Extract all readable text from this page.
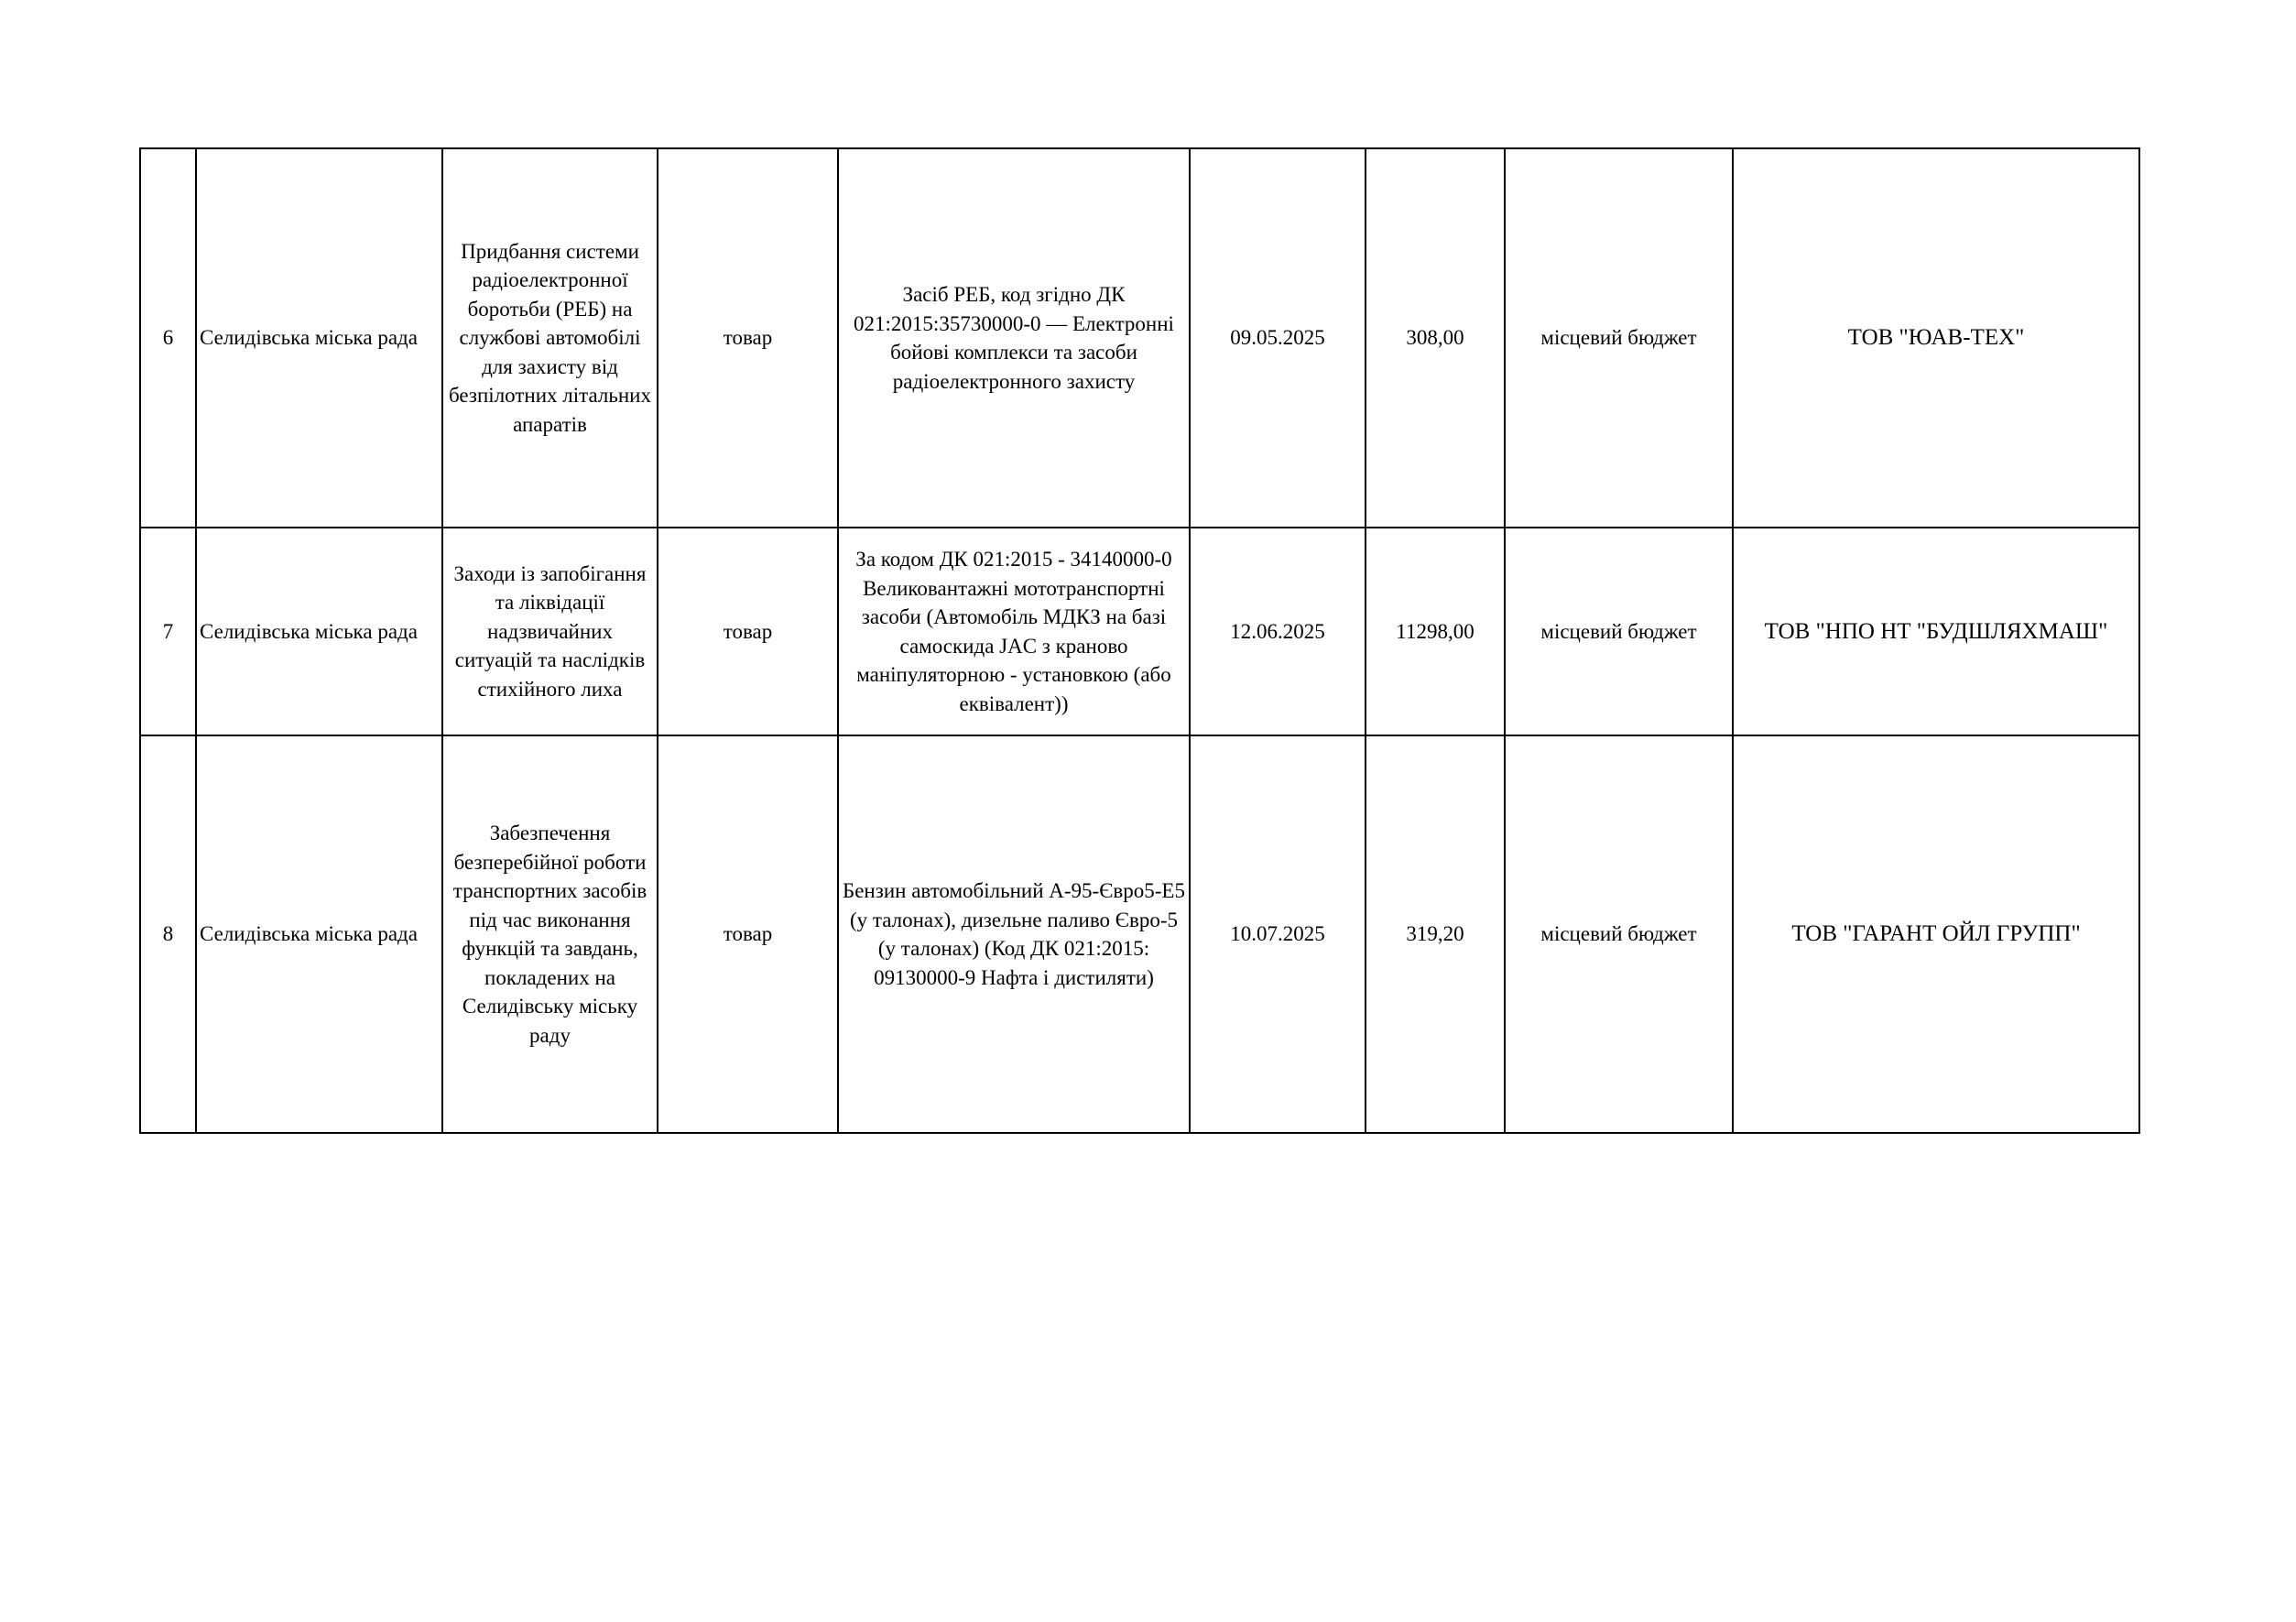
6	Селидівська міська рада	Придбання системи радіоелектронної боротьби (РЕБ) на службові автомобілі для захисту від безпілотних літальних апаратів	товар	Засіб РЕБ, код згідно ДК 021:2015:35730000-0 — Електронні бойові комплекси та засоби радіоелектронного захисту	09.05.2025	308,00	місцевий бюджет	ТОВ "ЮАВ-ТЕХ"
7	Селидівська міська рада	Заходи із запобігання та ліквідації надзвичайних ситуацій та наслідків стихійного лиха	товар	За кодом ДК 021:2015 - 34140000-0 Великовантажні мототранспортні засоби (Автомобіль МДКЗ на базі самоскида JAC з краново маніпуляторною - установкою (або еквівалент))	12.06.2025	11298,00	місцевий бюджет	ТОВ "НПО НТ "БУДШЛЯХМАШ"
8	Селидівська міська рада	Забезпечення безперебійної роботи транспортних засобів під час виконання функцій та завдань, покладених на Селидівську міську раду	товар	Бензин автомобільний А-95-Євро5-Е5 (у талонах), дизельне паливо Євро-5 (у талонах) (Код ДК 021:2015: 09130000-9 Нафта і дистиляти)	10.07.2025	319,20	місцевий бюджет	ТОВ "ГАРАНТ ОЙЛ ГРУПП"
